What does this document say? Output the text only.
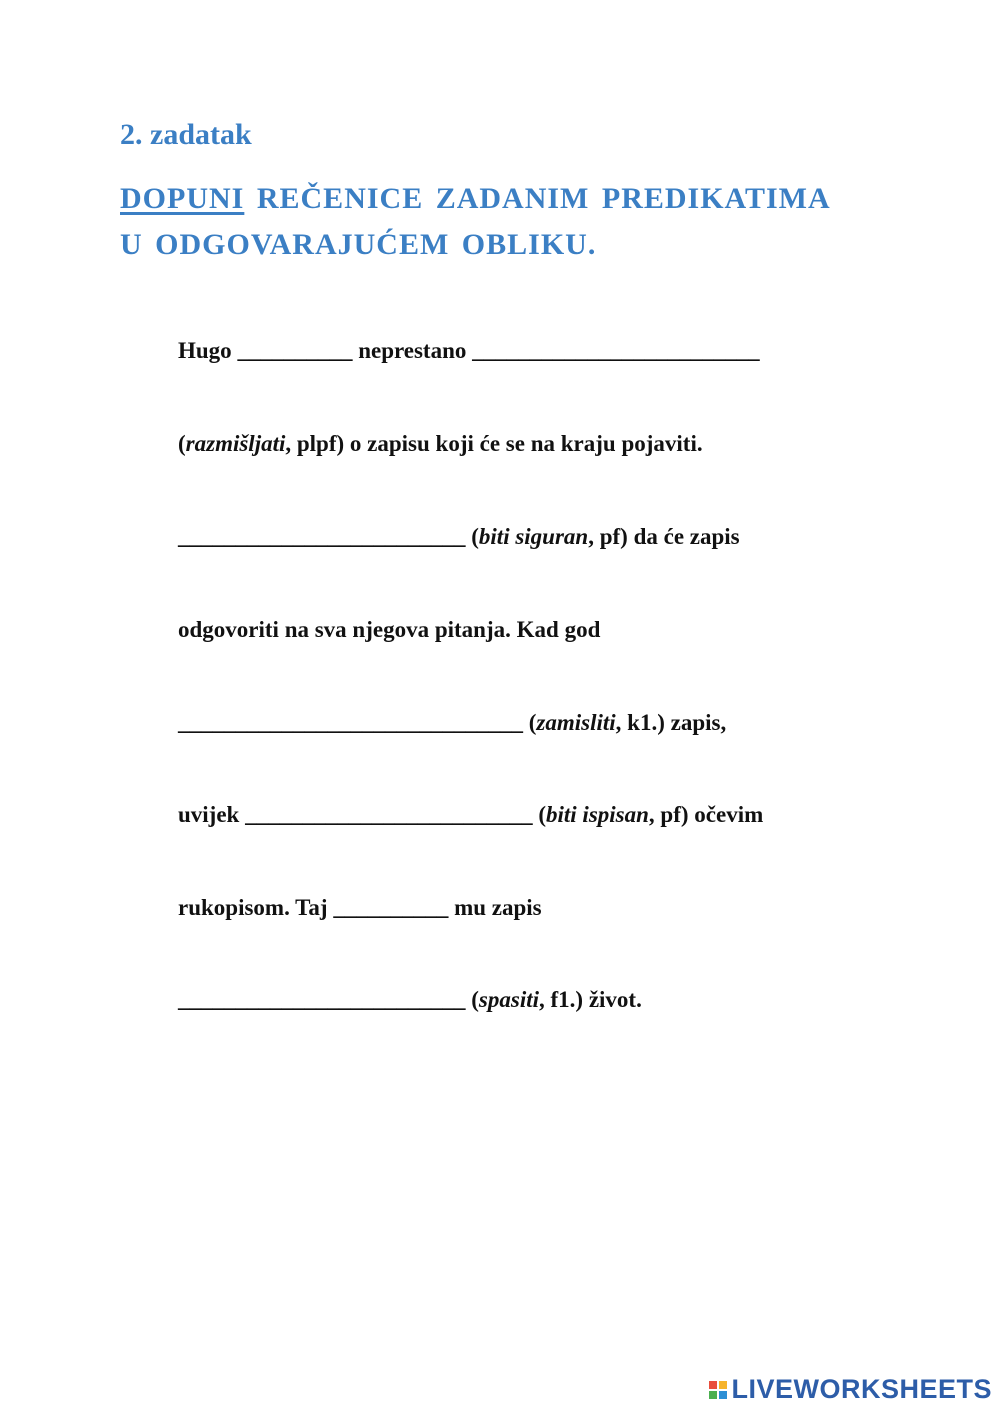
2. zadatak
DOPUNI REČENICE ZADANIM PREDIKATIMA
U ODGOVARAJUĆEM OBLIKU.

Hugo __________ neprestano _________________________

(razmišljati, plpf) o zapisu koji će se na kraju pojaviti.

_________________________ (biti siguran, pf) da će zapis

odgovoriti na sva njegova pitanja. Kad god

______________________________ (zamisliti, k1.) zapis,

uvijek _________________________ (biti ispisan, pf) očevim

rukopisom. Taj __________ mu zapis

_________________________ (spasiti, f1.) život.

LIVEWORKSHEETS
